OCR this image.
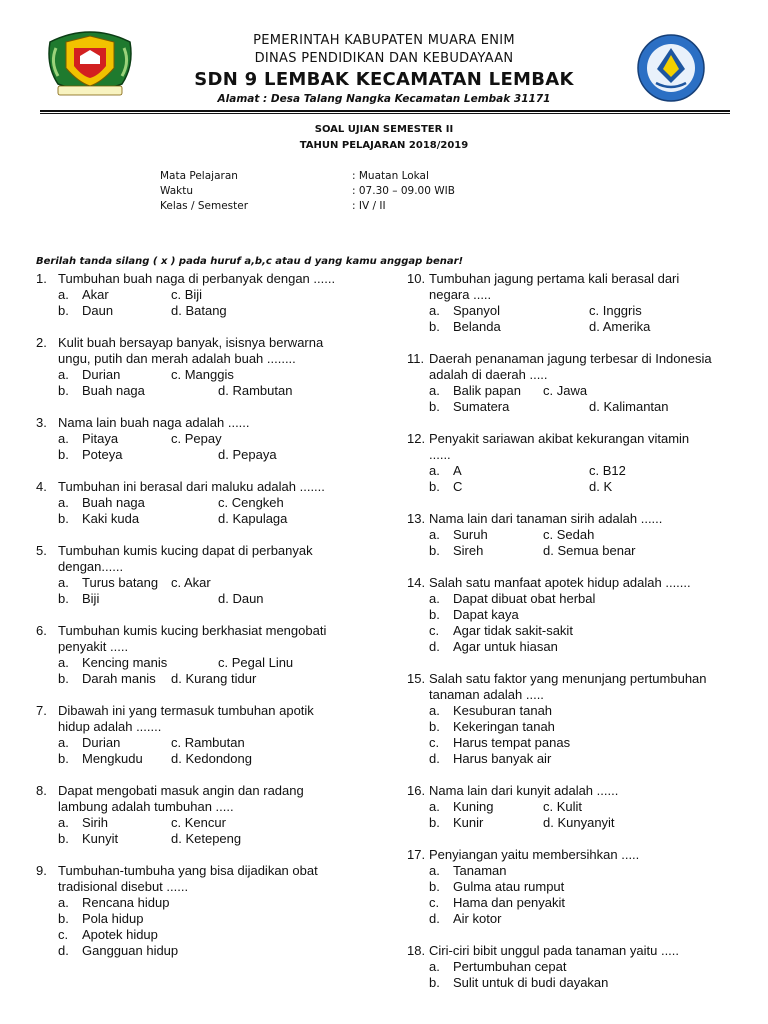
PEMERINTAH KABUPATEN MUARA ENIM
DINAS PENDIDIKAN DAN KEBUDAYAAN
SDN 9 LEMBAK KECAMATAN LEMBAK
Alamat : Desa Talang Nangka Kecamatan Lembak 31171
SOAL UJIAN SEMESTER II
TAHUN PELAJARAN 2018/2019
Mata Pelajaran	: Muatan Lokal
Waktu	: 07.30 – 09.00 WIB
Kelas / Semester	: IV / II
Berilah tanda silang ( x ) pada huruf a,b,c atau d yang kamu anggap benar!
1. Tumbuhan buah naga di perbanyak dengan ......
a. Akar	c. Biji
b. Daun	d. Batang
2. Kulit buah bersayap banyak, isisnya berwarna
ungu, putih dan merah adalah buah ........
a. Durian	c. Manggis
b. Buah naga	d. Rambutan
3. Nama lain buah naga adalah ......
a. Pitaya	c. Pepay
b. Poteya	d. Pepaya
4. Tumbuhan ini berasal dari maluku adalah .......
a. Buah naga	c. Cengkeh
b. Kaki kuda	d. Kapulaga
5. Tumbuhan kumis kucing dapat di perbanyak
dengan......
a. Turus batang c. Akar
b. Biji	d. Daun
6. Tumbuhan kumis kucing berkhasiat mengobati
penyakit .....
a. Kencing manis	c. Pegal Linu
b. Darah manis d. Kurang tidur
7. Dibawah ini yang termasuk tumbuhan apotik
hidup adalah .......
a. Durian	c. Rambutan
b. Mengkudu d. Kedondong
8. Dapat mengobati masuk angin dan radang
lambung adalah tumbuhan .....
a. Sirih	c. Kencur
b. Kunyit	d. Ketepeng
9. Tumbuhan-tumbuha yang bisa dijadikan obat
tradisional disebut ......
a. Rencana hidup
b. Pola hidup
c. Apotek hidup
d. Gangguan hidup
10. Tumbuhan jagung pertama kali berasal dari
negara .....
a. Spanyol	c. Inggris
b. Belanda	d. Amerika
11. Daerah penanaman jagung terbesar di Indonesia
adalah di daerah .....
a. Balik papan c. Jawa
b. Sumatera	d. Kalimantan
12. Penyakit sariawan akibat kekurangan vitamin
......
a. A	c. B12
b. C	d. K
13. Nama lain dari tanaman sirih adalah ......
a. Suruh	c. Sedah
b. Sireh	d. Semua benar
14. Salah satu manfaat apotek hidup adalah .......
a. Dapat dibuat obat herbal
b. Dapat kaya
c. Agar tidak sakit-sakit
d. Agar untuk hiasan
15. Salah satu faktor yang menunjang pertumbuhan
tanaman adalah .....
a. Kesuburan tanah
b. Kekeringan tanah
c. Harus tempat panas
d. Harus banyak air
16. Nama lain dari kunyit adalah ......
a. Kuning	c. Kulit
b. Kunir	d. Kunyanyit
17. Penyiangan yaitu membersihkan .....
a. Tanaman
b. Gulma atau rumput
c. Hama dan penyakit
d. Air kotor
18. Ciri-ciri bibit unggul pada tanaman yaitu .....
a. Pertumbuhan cepat
b. Sulit untuk di budi dayakan
